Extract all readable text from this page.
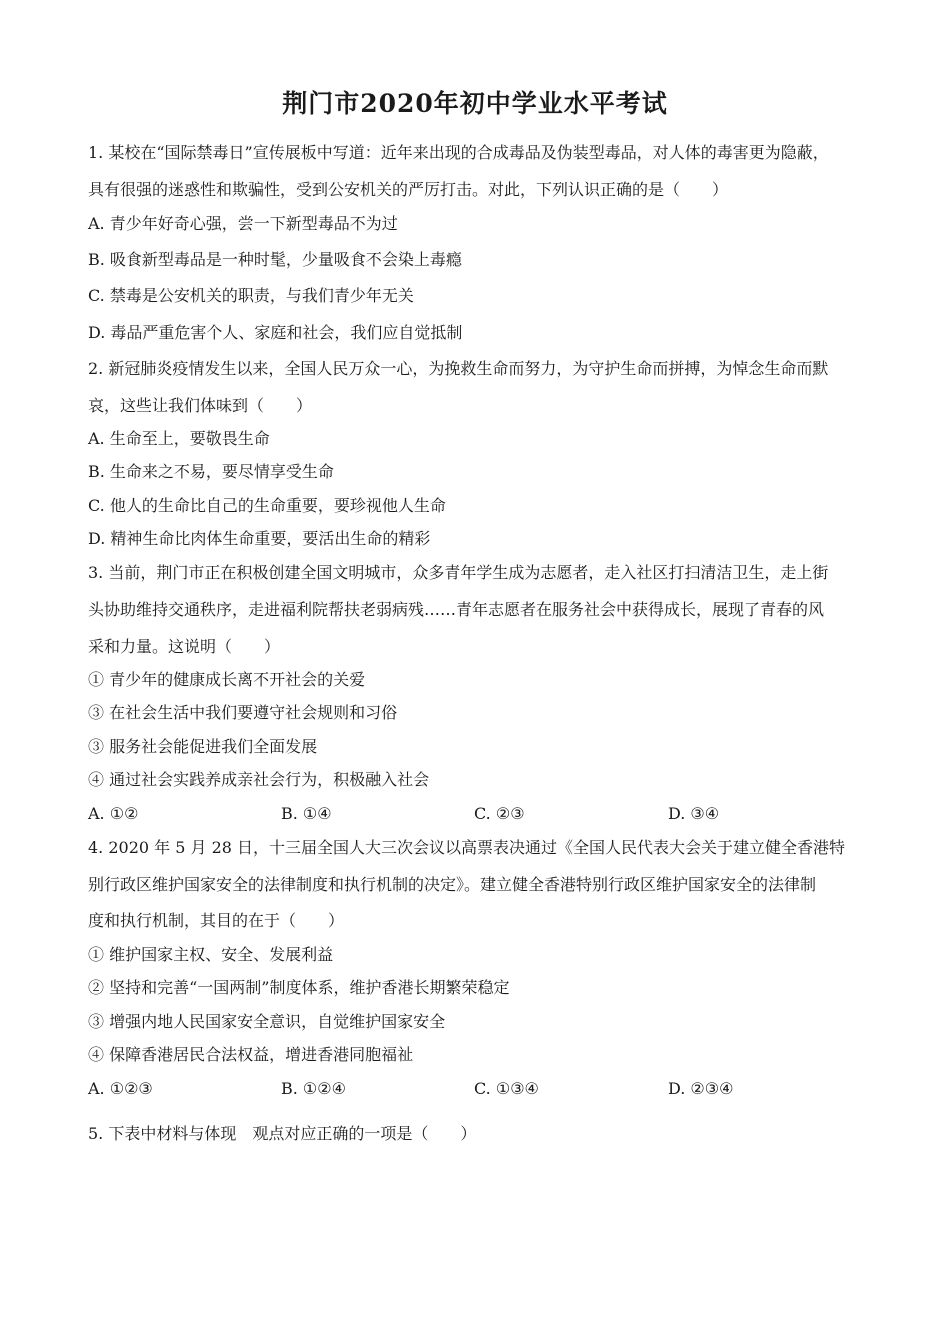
荆门市2020年初中学业水平考试
1. 某校在“国际禁毒日”宣传展板中写道：近年来出现的合成毒品及伪装型毒品，对人体的毒害更为隐蔽，
具有很强的迷惑性和欺骗性，受到公安机关的严厉打击。对此，下列认识正确的是（　　）
A. 青少年好奇心强，尝一下新型毒品不为过
B. 吸食新型毒品是一种时髦，少量吸食不会染上毒瘾
C. 禁毒是公安机关的职责，与我们青少年无关
D. 毒品严重危害个人、家庭和社会，我们应自觉抵制
2. 新冠肺炎疫情发生以来，全国人民万众一心，为挽救生命而努力，为守护生命而拼搏，为悼念生命而默
哀，这些让我们体味到（　　）
A. 生命至上，要敬畏生命
B. 生命来之不易，要尽情享受生命
C. 他人的生命比自己的生命重要，要珍视他人生命
D. 精神生命比肉体生命重要，要活出生命的精彩
3. 当前，荆门市正在积极创建全国文明城市，众多青年学生成为志愿者，走入社区打扫清洁卫生，走上街
头协助维持交通秩序，走进福利院帮扶老弱病残……青年志愿者在服务社会中获得成长，展现了青春的风
采和力量。这说明（　　）
① 青少年的健康成长离不开社会的关爱
③ 在社会生活中我们要遵守社会规则和习俗
③ 服务社会能促进我们全面发展
④ 通过社会实践养成亲社会行为，积极融入社会
A. ①②	B. ①④	C. ②③	D. ③④
4. 2020 年 5 月 28 日，十三届全国人大三次会议以高票表决通过《全国人民代表大会关于建立健全香港特
别行政区维护国家安全的法律制度和执行机制的决定》。建立健全香港特别行政区维护国家安全的法律制
度和执行机制，其目的在于（　　）
① 维护国家主权、安全、发展利益
② 坚持和完善“一国两制”制度体系，维护香港长期繁荣稳定
③ 增强内地人民国家安全意识，自觉维护国家安全
④ 保障香港居民合法权益，增进香港同胞福祉
A. ①②③	B. ①②④	C. ①③④	D. ②③④
5. 下表中材料与体现　观点对应正确的一项是（　　）
